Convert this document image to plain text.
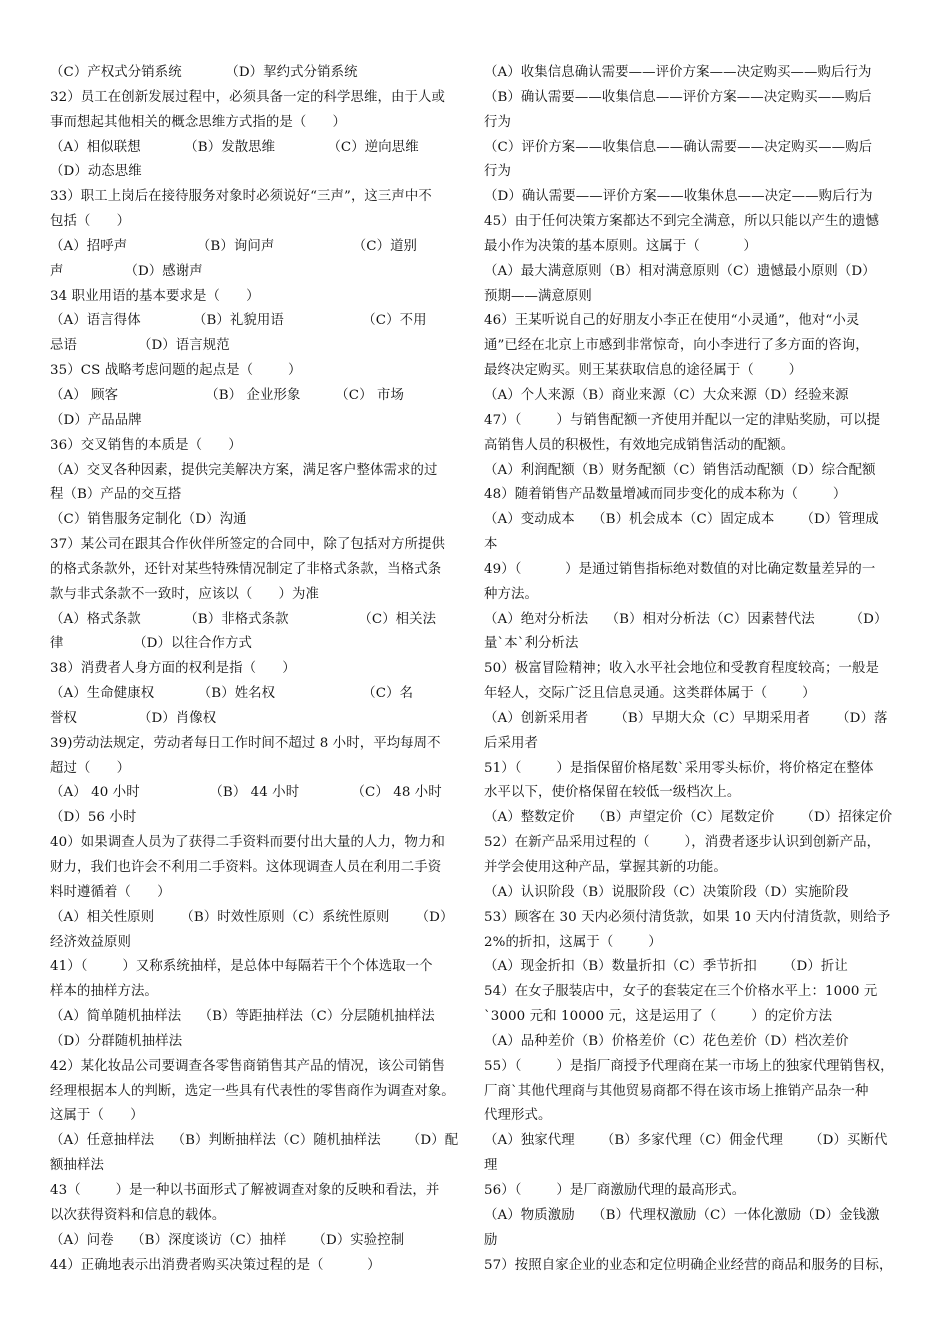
（C）产权式分销系统          （D）挈约式分销系统
32）员工在创新发展过程中，必须具备一定的科学思维，由于人或
事而想起其他相关的概念思维方式指的是（      ）
（A）相似联想          （B）发散思维            （C）逆向思维
（D）动态思维
33）职工上岗后在接待服务对象时必须说好“三声”，这三声中不
包括（      ）
（A）招呼声                （B）询问声                  （C）道别
声              （D）感谢声
34 职业用语的基本要求是（      ）
（A）语言得体            （B）礼貌用语                  （C）不用
忌语              （D）语言规范
35）CS 战略考虑问题的起点是（        ）
（A） 顾客                    （B） 企业形象        （C） 市场
（D）产品品牌
36）交叉销售的本质是（      ）
（A）交叉各种因素，提供完美解决方案，满足客户整体需求的过
程（B）产品的交互搭
（C）销售服务定制化（D）沟通
37）某公司在跟其合作伙伴所签定的合同中，除了包括对方所提供
的格式条款外，还针对某些特殊情况制定了非格式条款，当格式条
款与非式条款不一致时，应该以（      ）为准
（A）格式条款          （B）非格式条款                （C）相关法
律                （D）以往合作方式
38）消费者人身方面的权利是指（      ）
（A）生命健康权          （B）姓名权                    （C）名
誉权              （D）肖像权
39)劳动法规定，劳动者每日工作时间不超过 8 小时，平均每周不
超过（      ）
（A） 40 小时                （B） 44 小时            （C） 48 小时
（D）56 小时
40）如果调查人员为了获得二手资料而要付出大量的人力，物力和
财力，我们也许会不利用二手资料。这体现调查人员在利用二手资
料时遵循着（      ）
（A）相关性原则      （B）时效性原则（C）系统性原则      （D）
经济效益原则
41）（        ）又称系统抽样，是总体中每隔若干个个体选取一个
样本的抽样方法。
（A）简单随机抽样法    （B）等距抽样法（C）分层随机抽样法
（D）分群随机抽样法
42）某化妆品公司要调查各零售商销售其产品的情况，该公司销售
经理根据本人的判断，选定一些具有代表性的零售商作为调查对象。
这属于（      ）
（A）任意抽样法    （B）判断抽样法（C）随机抽样法      （D）配
额抽样法
43（        ）是一种以书面形式了解被调查对象的反映和看法，并
以次获得资料和信息的载体。
（A）问卷    （B）深度谈访（C）抽样      （D）实验控制
44）正确地表示出消费者购买决策过程的是（          ）
（A）收集信息确认需要——评价方案——决定购买——购后行为
（B）确认需要——收集信息——评价方案——决定购买——购后
行为
（C）评价方案——收集信息——确认需要——决定购买——购后
行为
（D）确认需要——评价方案——收集休息——决定——购后行为
45）由于任何决策方案都达不到完全满意，所以只能以产生的遗憾
最小作为决策的基本原则。这属于（          ）
（A）最大满意原则（B）相对满意原则（C）遗憾最小原则（D）
预期——满意原则
46）王某听说自己的好朋友小李正在使用“小灵通”，他对“小灵
通”已经在北京上市感到非常惊奇，向小李进行了多方面的咨询，
最终决定购买。则王某获取信息的途径属于（        ）
（A）个人来源（B）商业来源（C）大众来源（D）经验来源
47）（        ）与销售配额一齐使用并配以一定的津贴奖励，可以提
高销售人员的积极性，有效地完成销售活动的配额。
（A）利润配额（B）财务配额（C）销售活动配额（D）综合配额
48）随着销售产品数量增减而同步变化的成本称为（        ）
（A）变动成本    （B）机会成本（C）固定成本      （D）管理成
本
49）（          ）是通过销售指标绝对数值的对比确定数量差异的一
种方法。
（A）绝对分析法    （B）相对分析法（C）因素替代法        （D）
量`本`利分析法
50）极富冒险精神；收入水平社会地位和受教育程度较高；一般是
年轻人，交际广泛且信息灵通。这类群体属于（        ）
（A）创新采用者      （B）早期大众（C）早期采用者      （D）落
后采用者
51）（        ）是指保留价格尾数`采用零头标价，将价格定在整体
水平以下，使价格保留在较低一级档次上。
（A）整数定价    （B）声望定价（C）尾数定价      （D）招徕定价
52）在新产品采用过程的（        ），消费者逐步认识到创新产品，
并学会使用这种产品，掌握其新的功能。
（A）认识阶段（B）说服阶段（C）决策阶段（D）实施阶段
53）顾客在 30 天内必须付清货款，如果 10 天内付清货款，则给予
2%的折扣，这属于（        ）
（A）现金折扣（B）数量折扣（C）季节折扣      （D）折让
54）在女子服装店中，女子的套装定在三个价格水平上：1000 元
`3000 元和 10000 元，这是运用了（        ）的定价方法
（A）品种差价（B）价格差价（C）花色差价（D）档次差价
55）（        ）是指厂商授予代理商在某一市场上的独家代理销售权，
厂商`其他代理商与其他贸易商都不得在该市场上推销产品杂一种
代理形式。
（A）独家代理      （B）多家代理（C）佣金代理      （D）买断代
理
56）（        ）是厂商激励代理的最高形式。
（A）物质激励    （B）代理权激励（C）一体化激励（D）金钱激
励
57）按照自家企业的业态和定位明确企业经营的商品和服务的目标，
